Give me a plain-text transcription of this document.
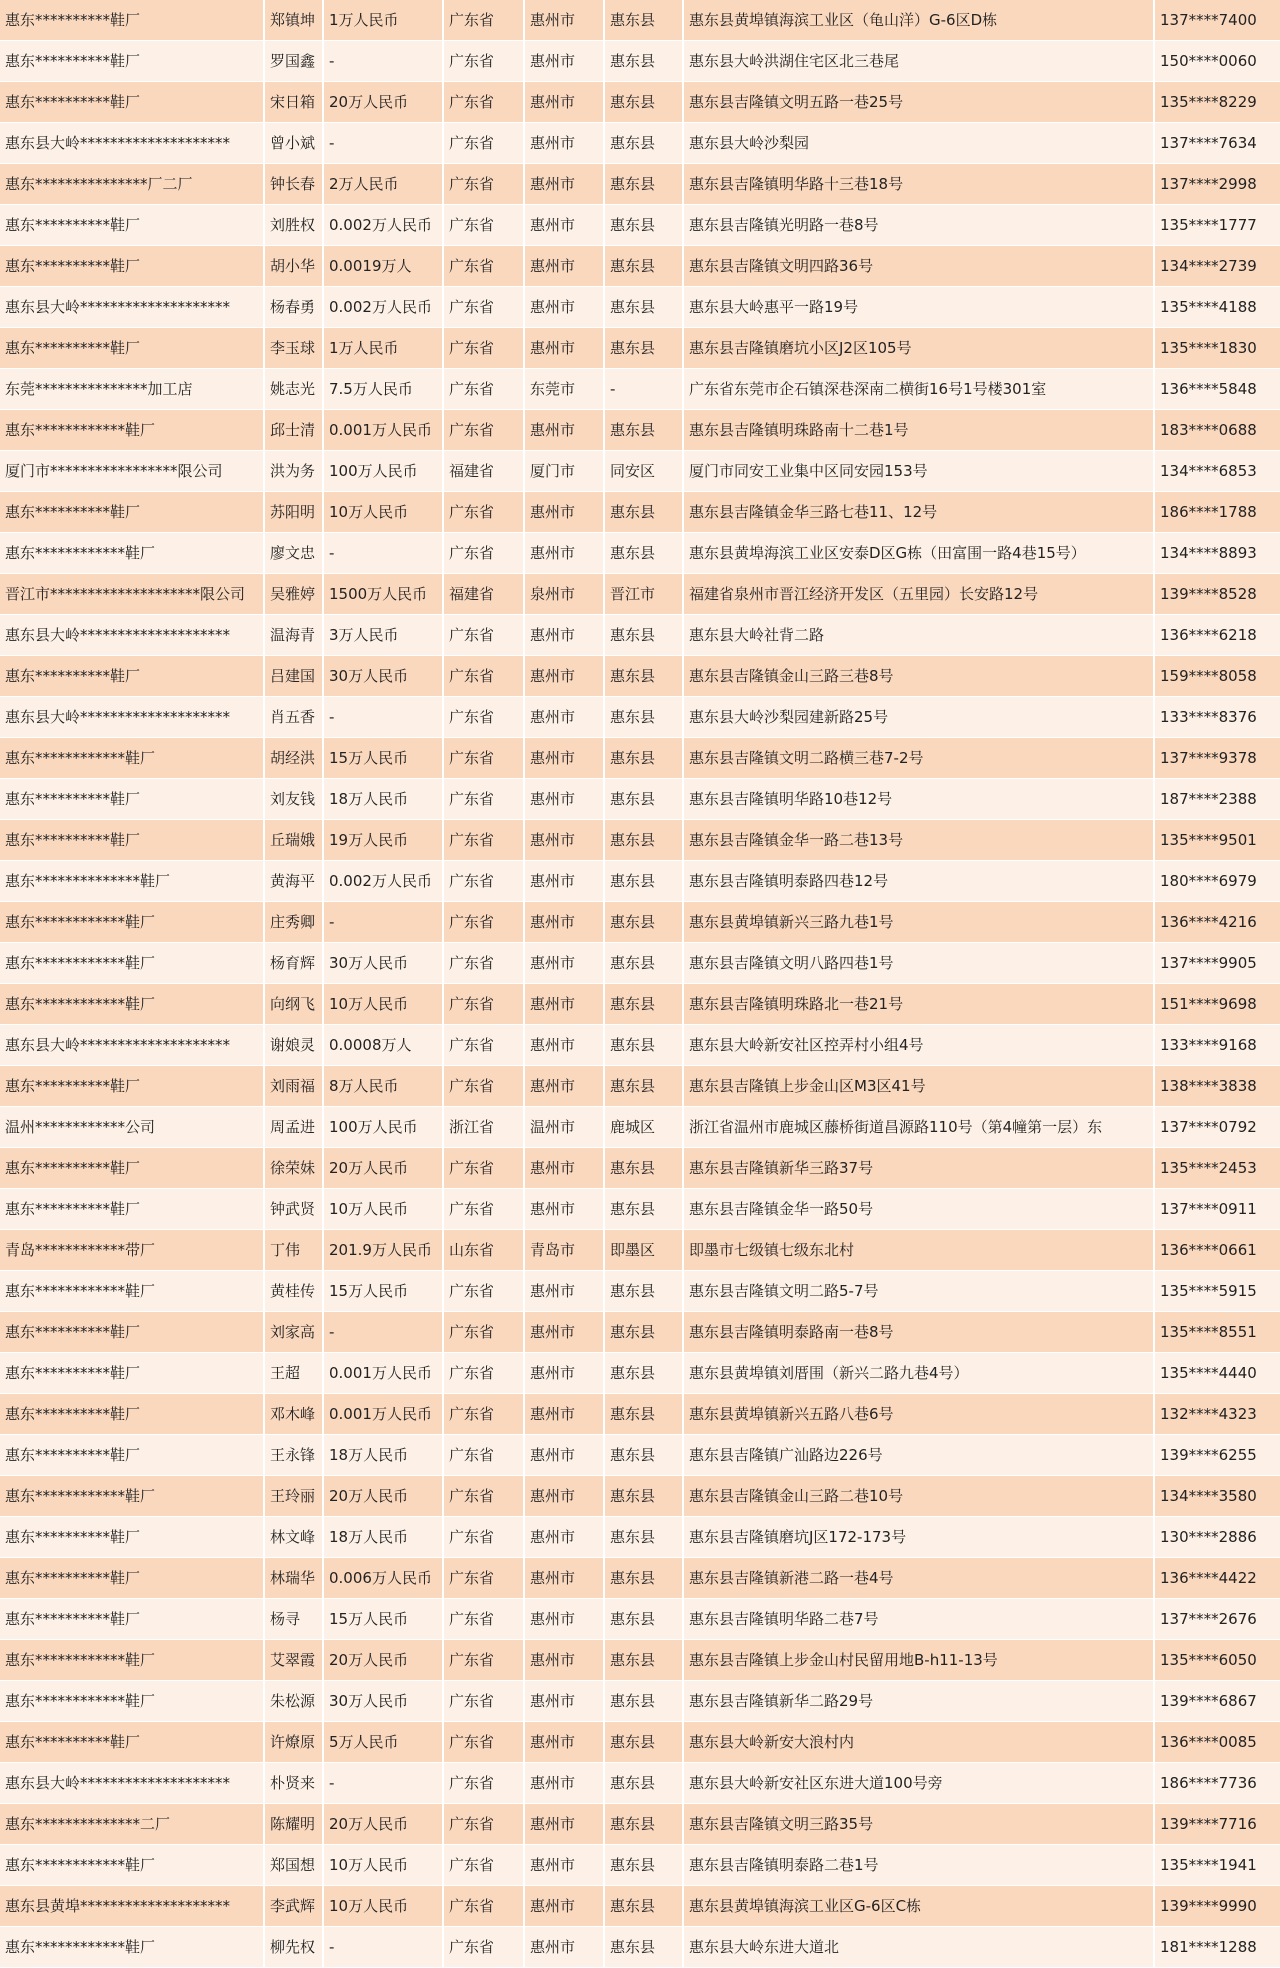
惠东**********鞋厂	郑镇坤	1万人民币	广东省	惠州市	惠东县	惠东县黄埠镇海滨工业区（龟山洋）G-6区D栋	137****7400
惠东**********鞋厂	罗国鑫	-	广东省	惠州市	惠东县	惠东县大岭洪湖住宅区北三巷尾	150****0060
惠东**********鞋厂	宋日箱	20万人民币	广东省	惠州市	惠东县	惠东县吉隆镇文明五路一巷25号	135****8229
惠东县大岭********************	曾小斌	-	广东省	惠州市	惠东县	惠东县大岭沙梨园	137****7634
惠东***************厂二厂	钟长春	2万人民币	广东省	惠州市	惠东县	惠东县吉隆镇明华路十三巷18号	137****2998
惠东**********鞋厂	刘胜权	0.002万人民币	广东省	惠州市	惠东县	惠东县吉隆镇光明路一巷8号	135****1777
惠东**********鞋厂	胡小华	0.0019万人	广东省	惠州市	惠东县	惠东县吉隆镇文明四路36号	134****2739
惠东县大岭********************	杨春勇	0.002万人民币	广东省	惠州市	惠东县	惠东县大岭惠平一路19号	135****4188
惠东**********鞋厂	李玉球	1万人民币	广东省	惠州市	惠东县	惠东县吉隆镇磨坑小区J2区105号	135****1830
东莞***************加工店	姚志光	7.5万人民币	广东省	东莞市	-	广东省东莞市企石镇深巷深南二横街16号1号楼301室	136****5848
惠东************鞋厂	邱士清	0.001万人民币	广东省	惠州市	惠东县	惠东县吉隆镇明珠路南十二巷1号	183****0688
厦门市*****************限公司	洪为务	100万人民币	福建省	厦门市	同安区	厦门市同安工业集中区同安园153号	134****6853
惠东**********鞋厂	苏阳明	10万人民币	广东省	惠州市	惠东县	惠东县吉隆镇金华三路七巷11、12号	186****1788
惠东************鞋厂	廖文忠	-	广东省	惠州市	惠东县	惠东县黄埠海滨工业区安泰D区G栋（田富围一路4巷15号）	134****8893
晋江市********************限公司	吴雅婷	1500万人民币	福建省	泉州市	晋江市	福建省泉州市晋江经济开发区（五里园）长安路12号	139****8528
惠东县大岭********************	温海青	3万人民币	广东省	惠州市	惠东县	惠东县大岭社背二路	136****6218
惠东**********鞋厂	吕建国	30万人民币	广东省	惠州市	惠东县	惠东县吉隆镇金山三路三巷8号	159****8058
惠东县大岭********************	肖五香	-	广东省	惠州市	惠东县	惠东县大岭沙梨园建新路25号	133****8376
惠东************鞋厂	胡经洪	15万人民币	广东省	惠州市	惠东县	惠东县吉隆镇文明二路横三巷7-2号	137****9378
惠东**********鞋厂	刘友钱	18万人民币	广东省	惠州市	惠东县	惠东县吉隆镇明华路10巷12号	187****2388
惠东**********鞋厂	丘瑞娥	19万人民币	广东省	惠州市	惠东县	惠东县吉隆镇金华一路二巷13号	135****9501
惠东**************鞋厂	黄海平	0.002万人民币	广东省	惠州市	惠东县	惠东县吉隆镇明泰路四巷12号	180****6979
惠东************鞋厂	庄秀卿	-	广东省	惠州市	惠东县	惠东县黄埠镇新兴三路九巷1号	136****4216
惠东************鞋厂	杨育辉	30万人民币	广东省	惠州市	惠东县	惠东县吉隆镇文明八路四巷1号	137****9905
惠东************鞋厂	向纲飞	10万人民币	广东省	惠州市	惠东县	惠东县吉隆镇明珠路北一巷21号	151****9698
惠东县大岭********************	谢娘灵	0.0008万人	广东省	惠州市	惠东县	惠东县大岭新安社区控弄村小组4号	133****9168
惠东**********鞋厂	刘雨福	8万人民币	广东省	惠州市	惠东县	惠东县吉隆镇上步金山区M3区41号	138****3838
温州************公司	周孟进	100万人民币	浙江省	温州市	鹿城区	浙江省温州市鹿城区藤桥街道昌源路110号（第4幢第一层）东	137****0792
惠东**********鞋厂	徐荣妹	20万人民币	广东省	惠州市	惠东县	惠东县吉隆镇新华三路37号	135****2453
惠东**********鞋厂	钟武贤	10万人民币	广东省	惠州市	惠东县	惠东县吉隆镇金华一路50号	137****0911
青岛************带厂	丁伟	201.9万人民币	山东省	青岛市	即墨区	即墨市七级镇七级东北村	136****0661
惠东************鞋厂	黄桂传	15万人民币	广东省	惠州市	惠东县	惠东县吉隆镇文明二路5-7号	135****5915
惠东**********鞋厂	刘家高	-	广东省	惠州市	惠东县	惠东县吉隆镇明泰路南一巷8号	135****8551
惠东**********鞋厂	王超	0.001万人民币	广东省	惠州市	惠东县	惠东县黄埠镇刘厝围（新兴二路九巷4号）	135****4440
惠东**********鞋厂	邓木峰	0.001万人民币	广东省	惠州市	惠东县	惠东县黄埠镇新兴五路八巷6号	132****4323
惠东**********鞋厂	王永锋	18万人民币	广东省	惠州市	惠东县	惠东县吉隆镇广汕路边226号	139****6255
惠东************鞋厂	王玲丽	20万人民币	广东省	惠州市	惠东县	惠东县吉隆镇金山三路二巷10号	134****3580
惠东**********鞋厂	林文峰	18万人民币	广东省	惠州市	惠东县	惠东县吉隆镇磨坑J区172-173号	130****2886
惠东**********鞋厂	林瑞华	0.006万人民币	广东省	惠州市	惠东县	惠东县吉隆镇新港二路一巷4号	136****4422
惠东**********鞋厂	杨寻	15万人民币	广东省	惠州市	惠东县	惠东县吉隆镇明华路二巷7号	137****2676
惠东************鞋厂	艾翠霞	20万人民币	广东省	惠州市	惠东县	惠东县吉隆镇上步金山村民留用地B-h11-13号	135****6050
惠东************鞋厂	朱松源	30万人民币	广东省	惠州市	惠东县	惠东县吉隆镇新华二路29号	139****6867
惠东**********鞋厂	许燎原	5万人民币	广东省	惠州市	惠东县	惠东县大岭新安大浪村内	136****0085
惠东县大岭********************	朴贤来	-	广东省	惠州市	惠东县	惠东县大岭新安社区东进大道100号旁	186****7736
惠东**************二厂	陈耀明	20万人民币	广东省	惠州市	惠东县	惠东县吉隆镇文明三路35号	139****7716
惠东************鞋厂	郑国想	10万人民币	广东省	惠州市	惠东县	惠东县吉隆镇明泰路二巷1号	135****1941
惠东县黄埠********************	李武辉	10万人民币	广东省	惠州市	惠东县	惠东县黄埠镇海滨工业区G-6区C栋	139****9990
惠东************鞋厂	柳先权	-	广东省	惠州市	惠东县	惠东县大岭东进大道北	181****1288
